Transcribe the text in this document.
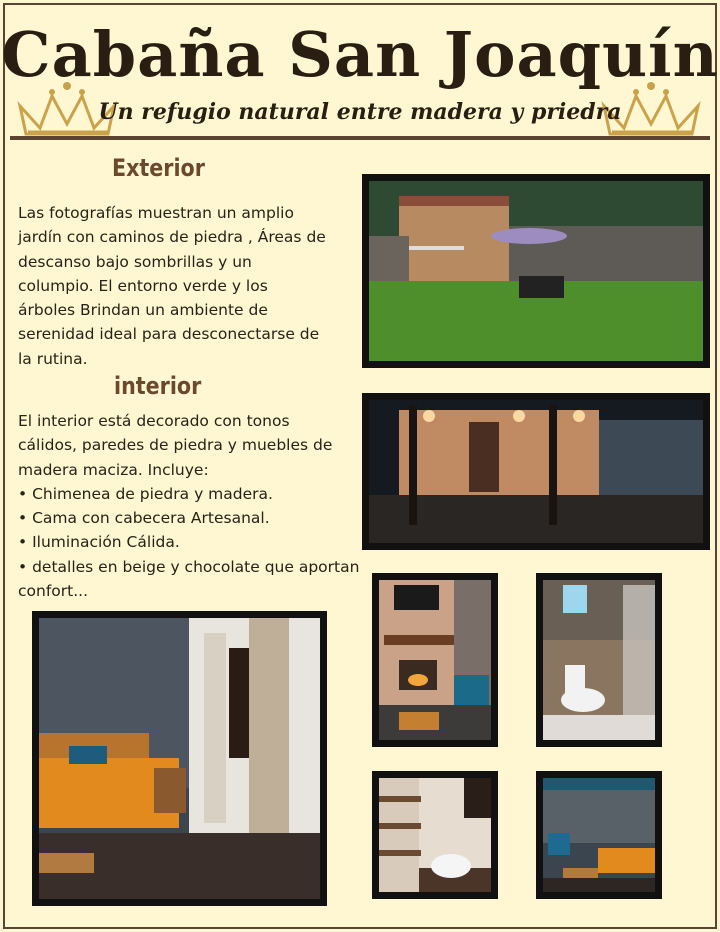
Cabaña San Joaquín
Un refugio natural entre madera y priedra
Exterior
Las fotografías muestran un amplio
jardín con caminos de piedra , Áreas de
descanso bajo sombrillas y un
columpio. El entorno verde y los
árboles Brindan un ambiente de
serenidad ideal para desconectarse de
la rutina.
interior
El interior está decorado con tonos
cálidos, paredes de piedra y muebles de
madera maciza. Incluye:
• Chimenea de piedra y madera.
• Cama con cabecera Artesanal.
• Iluminación Cálida.
• detalles en beige y chocolate que aportan
confort...
